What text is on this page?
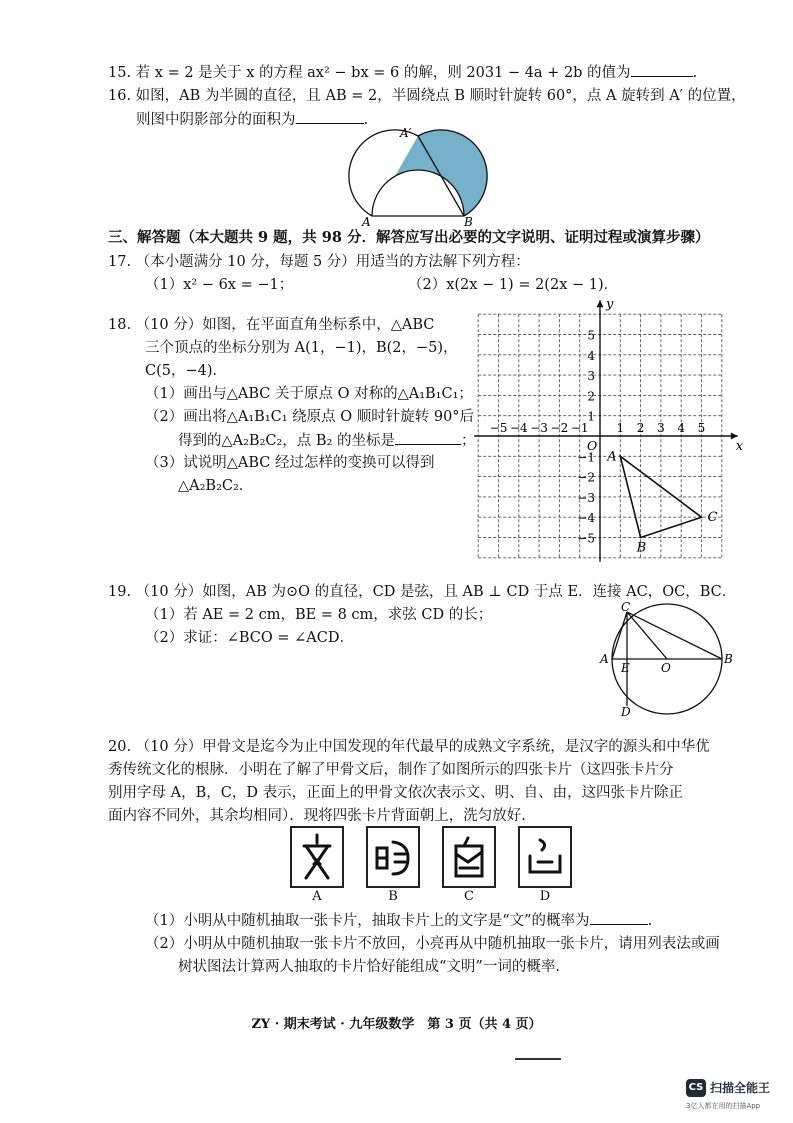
15. 若 x = 2 是关于 x 的方程 ax² − bx = 6 的解，则 2031 − 4a + 2b 的值为	.
16. 如图，AB 为半圆的直径，且 AB = 2，半圆绕点 B 顺时针旋转 60°，点 A 旋转到 A′ 的位置，
则图中阴影部分的面积为	.
A	B
A′
三、解答题（本大题共 9 题，共 98 分．解答应写出必要的文字说明、证明过程或演算步骤）
17. （本小题满分 10 分，每题 5 分）用适当的方法解下列方程：
（1）x² − 6x = −1；	（2）x(2x − 1) = 2(2x − 1)．
18. （10 分）如图，在平面直角坐标系中，△ABC
三个顶点的坐标分别为 A(1，−1)，B(2，−5)，
C(5，−4)．
（1）画出与△ABC 关于原点 O 对称的△A₁B₁C₁；
（2）画出将△A₁B₁C₁ 绕原点 O 顺时针旋转 90°后
得到的△A₂B₂C₂，点 B₂ 的坐标是	；
（3）试说明△ABC 经过怎样的变换可以得到
△A₂B₂C₂．
x
y
O
−5 −4 −3 −2 −1 1 2 3 4 5
5
4
3
2
1
−1
−2
−3
−4
−5
A
B
C
19. （10 分）如图，AB 为⊙O 的直径，CD 是弦，且 AB ⊥ CD 于点 E．连接 AC，OC，BC．
（1）若 AE = 2 cm，BE = 8 cm，求弦 CD 的长；
（2）求证：∠BCO = ∠ACD．
C
A	B
E	O
D
20. （10 分）甲骨文是迄今为止中国发现的年代最早的成熟文字系统，是汉字的源头和中华优
秀传统文化的根脉．小明在了解了甲骨文后，制作了如图所示的四张卡片（这四张卡片分
别用字母 A，B，C，D 表示，正面上的甲骨文依次表示文、明、自、由，这四张卡片除正
面内容不同外，其余均相同）．现将四张卡片背面朝上，洗匀放好．
A	B	C	D
（1）小明从中随机抽取一张卡片，抽取卡片上的文字是“文”的概率为	.
（2）小明从中随机抽取一张卡片不放回，小亮再从中随机抽取一张卡片，请用列表法或画
树状图法计算两人抽取的卡片恰好能组成“文明”一词的概率.
ZY · 期末考试 · 九年级数学　第 3 页（共 4 页）
CS 扫描全能王
3亿人都在用的扫描App
